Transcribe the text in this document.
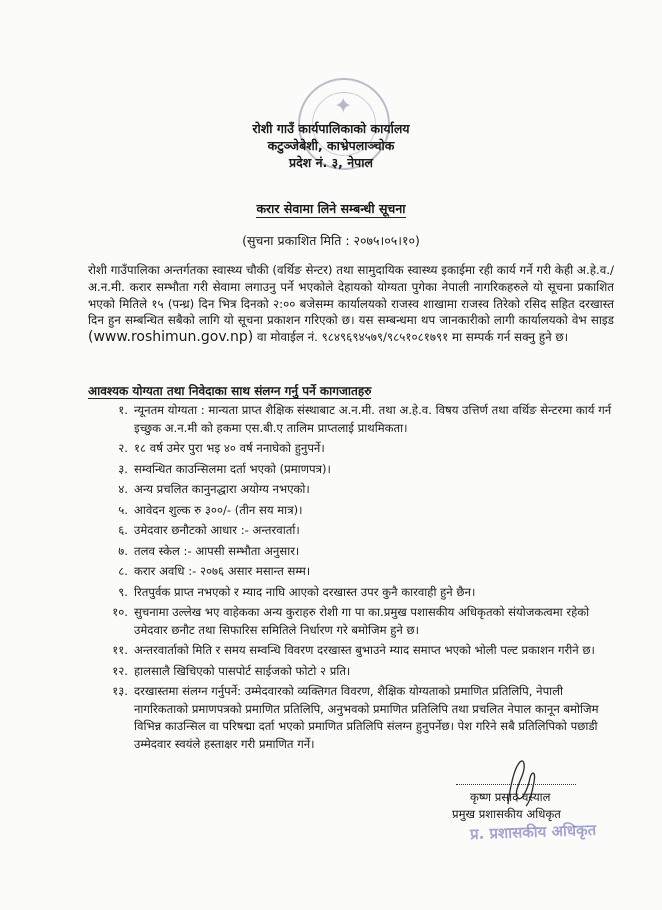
✦
रोशी गाउँ कार्यपालिकाको कार्यालय
कटुञ्जेबेशी, काभ्रेपलाञ्चोक
प्रदेश नं. ३, नेपाल
करार सेवामा लिने सम्बन्धी सूचना
(सुचना प्रकाशित मिति : २०७५।०५।१०)
रोशी गाउँपालिका अन्तर्गतका स्वास्थ्य चौकी (वर्थिङ सेन्टर) तथा सामुदायिक स्वास्थ्य इकाईमा रही कार्य गर्ने गरी केही अ.हे.व./अ.न.मी. करार सम्भौता गरी सेवामा लगाउनु पर्ने भएकोले देहायको योग्यता पुगेका नेपाली नागरिकहरुले यो सूचना प्रकाशित भएको मितिले १५ (पन्ध्र) दिन भित्र दिनको २:०० बजेसम्म कार्यालयको राजस्व शाखामा राजस्व तिरेको रसिद सहित दरखास्त दिन हुन सम्बन्धित सबैको लागि यो सूचना प्रकाशन गरिएको छ। यस सम्बन्धमा थप जानकारीको लागी कार्यालयको वेभ साइड (www.roshimun.gov.np) वा मोवाईल नं. ९८४९६९४५७९/९८५१०८१७९१ मा सम्पर्क गर्न सक्नु हुने छ।
आवश्यक योग्यता तथा निवेदाका साथ संलग्न गर्नु पर्ने कागजातहरु
१. न्यूनतम योग्यता : मान्यता प्राप्त शैक्षिक संस्थाबाट अ.न.मी. तथा अ.हे.व. विषय उत्तिर्ण तथा वर्थिङ सेन्टरमा कार्य गर्न इच्छुक अ.न.मी को हकमा एस.बी.ए तालिम प्राप्तलाई प्राथमिकता।
२. १८ वर्ष उमेर पुरा भइ ४० वर्ष ननाघेको हुनुपर्ने।
३. सम्वन्धित काउन्सिलमा दर्ता भएको (प्रमाणपत्र)।
४. अन्य प्रचलित कानुनद्धारा अयोग्य नभएको।
५. आवेदन शुल्क रु ३००/- (तीन सय मात्र)।
६. उमेदवार छनौटको आधार :- अन्तरवार्ता।
७. तलव स्केल :- आपसी सम्भौता अनुसार।
८. करार अवधि :- २०७६ असार मसान्त सम्म।
९. रितपुर्वक प्राप्त नभएको र म्याद नाघि आएको दरखास्त उपर कुनै कारवाही हुने छैन।
१०. सुचनामा उल्लेख भए वाहेकका अन्य कुराहरु रोशी गा पा का.प्रमुख पशासकीय अधिकृतको संयोजकत्वमा रहेको उमेदवार छनौट तथा सिफारिस समितिले निर्धारण गरे बमोजिम हुने छ।
११. अन्तरवार्ताको मिति र समय सम्वन्धि विवरण दरखास्त बुभाउने म्याद समाप्त भएको भोली पल्ट प्रकाशन गरीने छ।
१२. हालसालै खिचिएको पासपोर्ट साईजको फोटो २ प्रति।
१३. दरखास्तमा संलग्न गर्नुपर्ने: उम्मेदवारको व्यक्तिगत विवरण, शैक्षिक योग्यताको प्रमाणित प्रतिलिपि, नेपाली नागरिकताको प्रमाणपत्रको प्रमाणित प्रतिलिपि, अनुभवको प्रमाणित प्रतिलिपि तथा प्रचलित नेपाल कानून बमोजिम विभिन्न काउन्सिल वा परिषद्मा दर्ता भएको प्रमाणित प्रतिलिपि संलग्न हुनुपर्नेछ। पेश गरिने सबै प्रतिलिपिको पछाडी उम्मेदवार स्वयंले हस्ताक्षर गरी प्रमाणित गर्ने।
कृष्ण प्रसाद वस्याल
प्रमुख प्रशासकीय अधिकृत
प्र. प्रशासकीय अधिकृत
